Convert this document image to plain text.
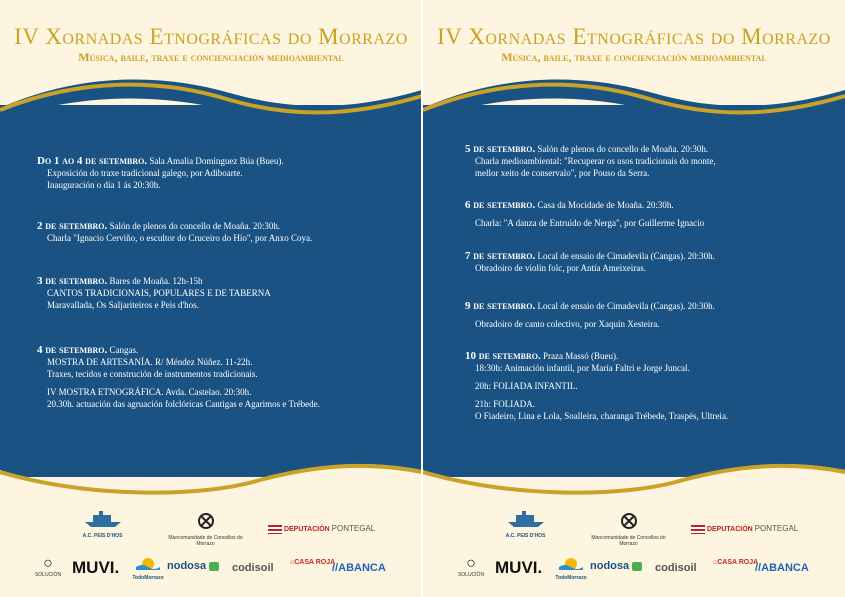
IV Xornadas Etnográficas do Morrazo
Música, baile, traxe e concienciación medioambiental
Do 1 ao 4 de setembro. Sala Amalia Domínguez Búa (Bueu).
Exposición do traxe tradicional galego, por Adiboarte.
Inauguración o día 1 ás 20:30h.
2 de setembro. Salón de plenos do concello de Moaña. 20:30h.
Charla "Ignacio Cerviño, o escultor do Cruceiro do Hío", por Anxo Coya.
3 de setembro. Bares de Moaña. 12h-15h
CANTOS TRADICIONAIS, POPULARES E DE TABERNA
Maravallada, Os Saljariteiros e Peis d'hos.
4 de setembro. Cangas.
MOSTRA DE ARTESANÍA. R/ Méndez Núñez. 11-22h.
Traxes, tecidos e construción de instrumentos tradicionais.
IV MOSTRA ETNOGRÁFICA. Avda. Castelao. 20:30h.
20.30h. actuación das agruación folclóricas Cantigas e Agarimos e Trébede.
A.C. PEIS D'HOS	Mancomunidade de Concellos do Morrazo
DEPUTACIÓN PONTEGAL
○
SOLUCIÓN MUVI.
TodoMorrazo
nodosa	codisoil ⌂CASA ROJA
//ABANCA
IV Xornadas Etnográficas do Morrazo
Música, baile, traxe e concienciación medioambiental
5 de setembro. Salón de plenos do concello de Moaña. 20:30h.
Charla medioambiental: "Recuperar os usos tradicionais do monte,
mellor xeito de conservalo", por Pouso da Serra.
6 de setembro. Casa da Mocidade de Moaña. 20:30h.
Charla: "A danza de Entruido de Nerga", por Guillerme Ignacio
7 de setembro. Local de ensaio de Cimadevila (Cangas). 20:30h.
Obradoiro de violín folc, por Antía Ameixeiras.
9 de setembro. Local de ensaio de Cimadevila (Cangas). 20:30h.
Obradoiro de canto colectivo, por Xaquín Xesteira.
10 de setembro. Praza Massó (Bueu).
18:30h: Animación infantil, por María Faltri e Jorge Juncal.
20h: FOLIADA INFANTIL.
21h: FOLIADA.
O Fiadeiro, Lina e Lola, Soalleira, charanga Trébede, Traspés, Ultreia.
A.C. PEIS D'HOS	Mancomunidade de Concellos do Morrazo
DEPUTACIÓN PONTEGAL
○
SOLUCIÓN MUVI.
TodoMorrazo
nodosa	codisoil ⌂CASA ROJA
//ABANCA
